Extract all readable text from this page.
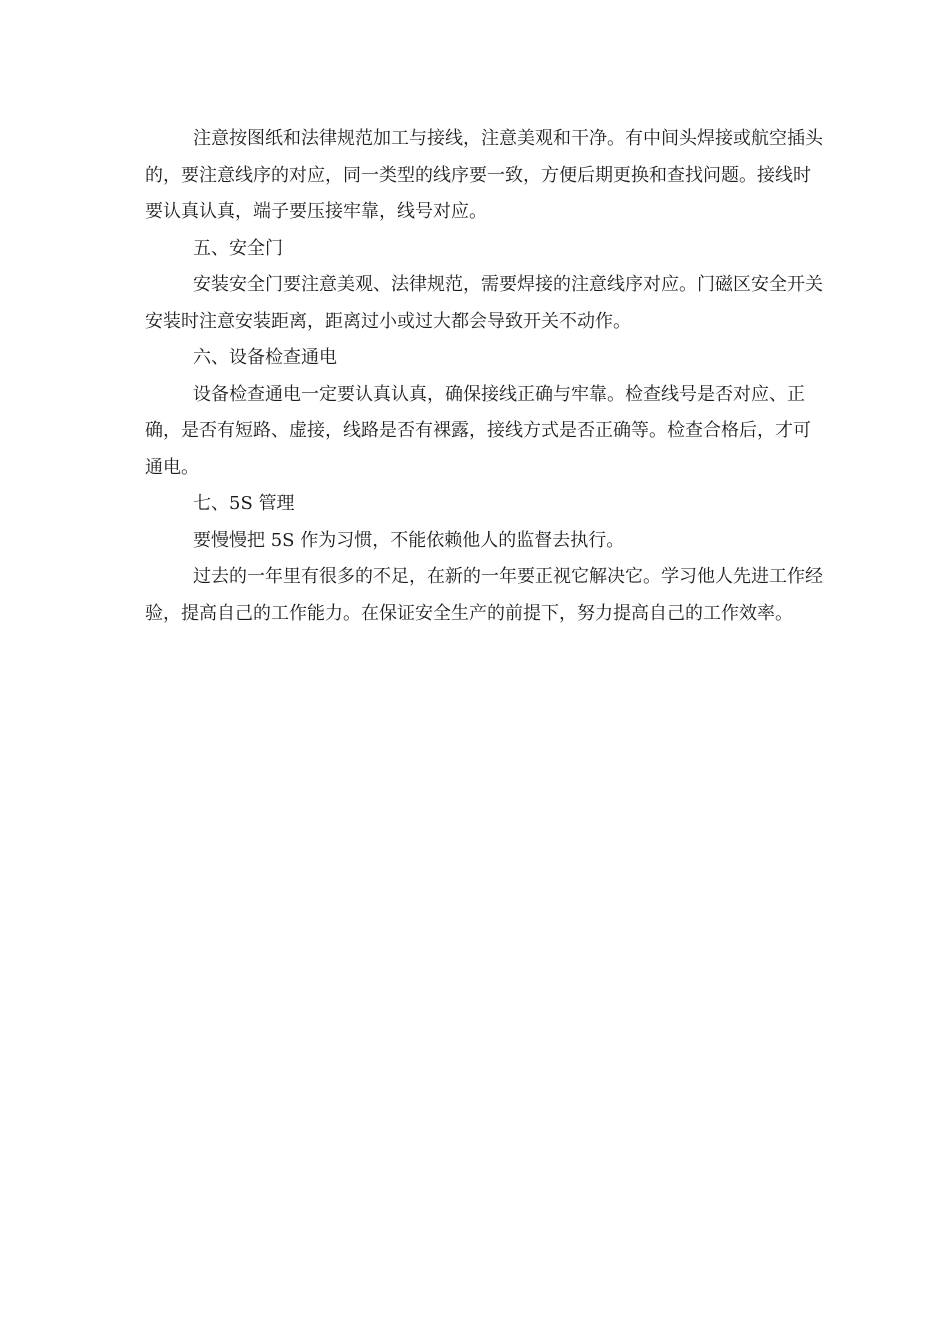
注意按图纸和法律规范加工与接线，注意美观和干净。有中间头焊接或航空插头的，要注意线序的对应，同一类型的线序要一致，方便后期更换和查找问题。接线时要认真认真，端子要压接牢靠，线号对应。

五、安全门

安装安全门要注意美观、法律规范，需要焊接的注意线序对应。门磁区安全开关安装时注意安装距离，距离过小或过大都会导致开关不动作。

六、设备检查通电

设备检查通电一定要认真认真，确保接线正确与牢靠。检查线号是否对应、正确，是否有短路、虚接，线路是否有裸露，接线方式是否正确等。检查合格后，才可通电。

七、5S 管理

要慢慢把 5S 作为习惯，不能依赖他人的监督去执行。

过去的一年里有很多的不足，在新的一年要正视它解决它。学习他人先进工作经验，提高自己的工作能力。在保证安全生产的前提下，努力提高自己的工作效率。
